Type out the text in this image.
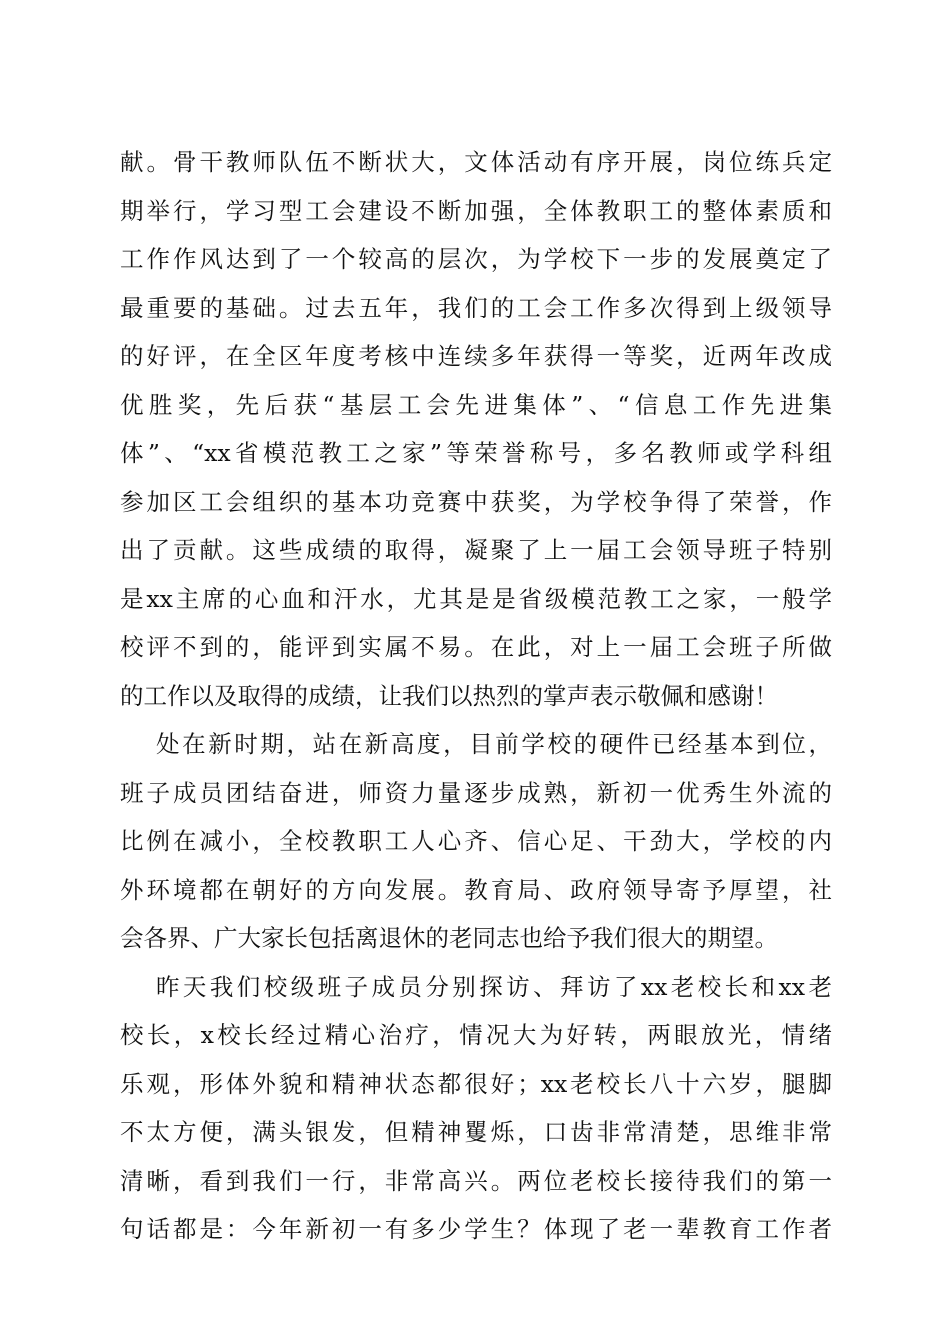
献。骨干教师队伍不断状大，文体活动有序开展，岗位练兵定
期举行，学习型工会建设不断加强，全体教职工的整体素质和
工作作风达到了一个较高的层次，为学校下一步的发展奠定了
最重要的基础。过去五年，我们的工会工作多次得到上级领导
的好评，在全区年度考核中连续多年获得一等奖，近两年改成
优胜奖，先后获“基层工会先进集体”、“信息工作先进集
体”、“xx省模范教工之家”等荣誉称号，多名教师或学科组
参加区工会组织的基本功竞赛中获奖，为学校争得了荣誉，作
出了贡献。这些成绩的取得，凝聚了上一届工会领导班子特别
是xx主席的心血和汗水，尤其是是省级模范教工之家，一般学
校评不到的，能评到实属不易。在此，对上一届工会班子所做
的工作以及取得的成绩，让我们以热烈的掌声表示敬佩和感谢！
处在新时期，站在新高度，目前学校的硬件已经基本到位，
班子成员团结奋进，师资力量逐步成熟，新初一优秀生外流的
比例在减小，全校教职工人心齐、信心足、干劲大，学校的内
外环境都在朝好的方向发展。教育局、政府领导寄予厚望，社
会各界、广大家长包括离退休的老同志也给予我们很大的期望。
昨天我们校级班子成员分别探访、拜访了xx老校长和xx老
校长，x校长经过精心治疗，情况大为好转，两眼放光，情绪
乐观，形体外貌和精神状态都很好；xx老校长八十六岁，腿脚
不太方便，满头银发，但精神矍烁，口齿非常清楚，思维非常
清晰，看到我们一行，非常高兴。两位老校长接待我们的第一
句话都是：今年新初一有多少学生？体现了老一辈教育工作者
